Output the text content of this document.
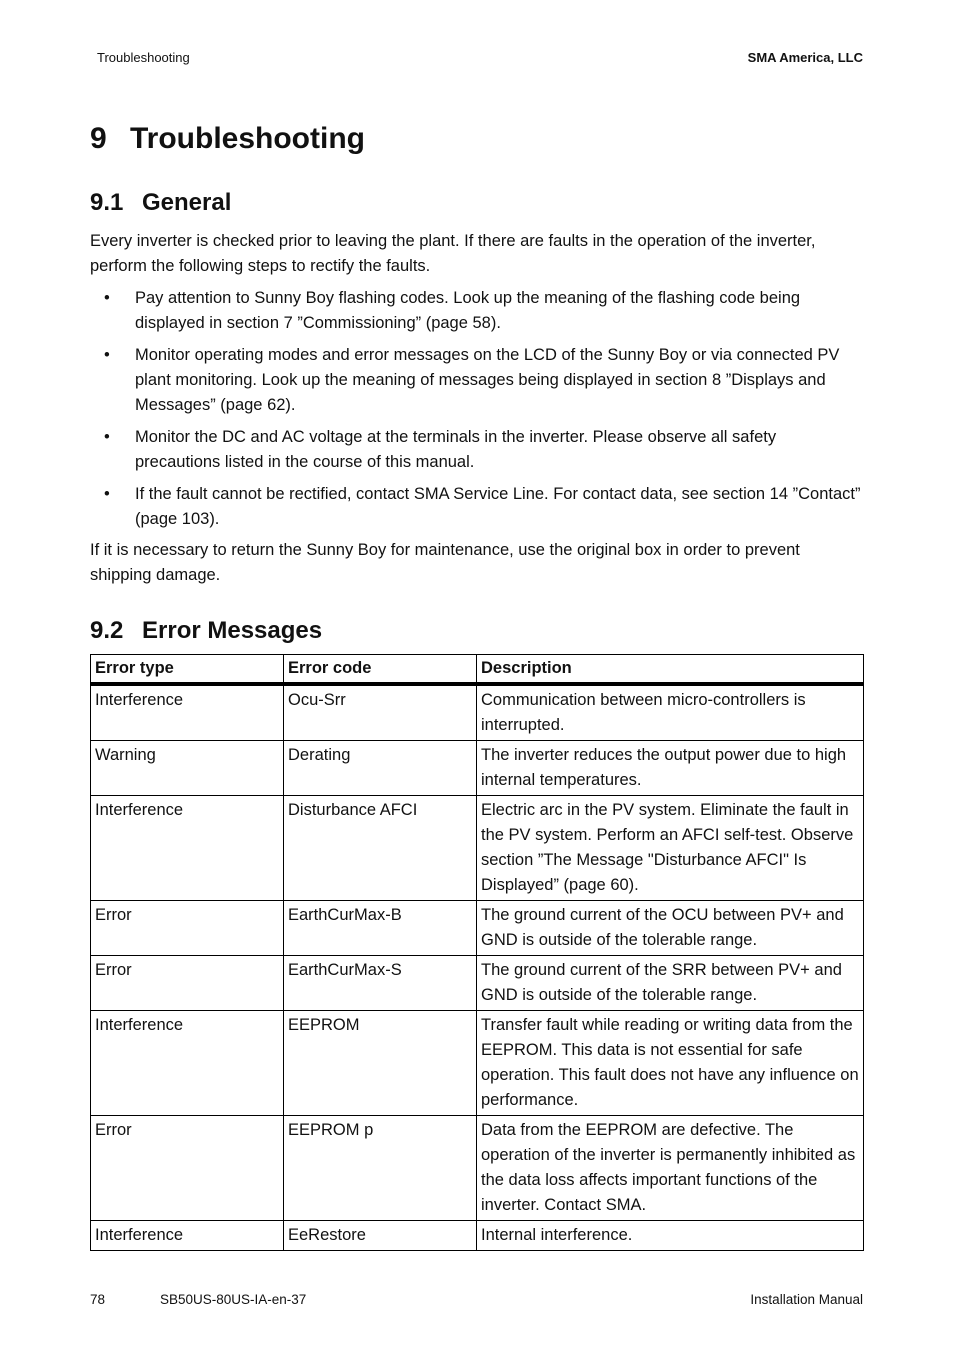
Troubleshooting	SMA America, LLC
9 Troubleshooting
9.1 General

Every inverter is checked prior to leaving the plant. If there are faults in the operation of the inverter, perform the following steps to rectify the faults.

• Pay attention to Sunny Boy flashing codes. Look up the meaning of the flashing code being displayed in section 7 ”Commissioning” (page 58).
• Monitor operating modes and error messages on the LCD of the Sunny Boy or via connected PV plant monitoring. Look up the meaning of messages being displayed in section 8 ”Displays and Messages” (page 62).
• Monitor the DC and AC voltage at the terminals in the inverter. Please observe all safety precautions listed in the course of this manual.
• If the fault cannot be rectified, contact SMA Service Line. For contact data, see section 14 ”Contact” (page 103).

If it is necessary to return the Sunny Boy for maintenance, use the original box in order to prevent shipping damage.

9.2 Error Messages
Error type	Error code	Description
Interference	Ocu-Srr	Communication between micro-controllers is interrupted.
Warning	Derating	The inverter reduces the output power due to high internal temperatures.
Interference	Disturbance AFCI	Electric arc in the PV system. Eliminate the fault in the PV system. Perform an AFCI self-test. Observe section ”The Message "Disturbance AFCI" Is Displayed” (page 60).
Error	EarthCurMax-B	The ground current of the OCU between PV+ and GND is outside of the tolerable range.
Error	EarthCurMax-S	The ground current of the SRR between PV+ and GND is outside of the tolerable range.
Interference	EEPROM	Transfer fault while reading or writing data from the EEPROM. This data is not essential for safe operation. This fault does not have any influence on performance.
Error	EEPROM p	Data from the EEPROM are defective. The operation of the inverter is permanently inhibited as the data loss affects important functions of the inverter. Contact SMA.
Interference	EeRestore	Internal interference.
78	SB50US-80US-IA-en-37	Installation Manual
